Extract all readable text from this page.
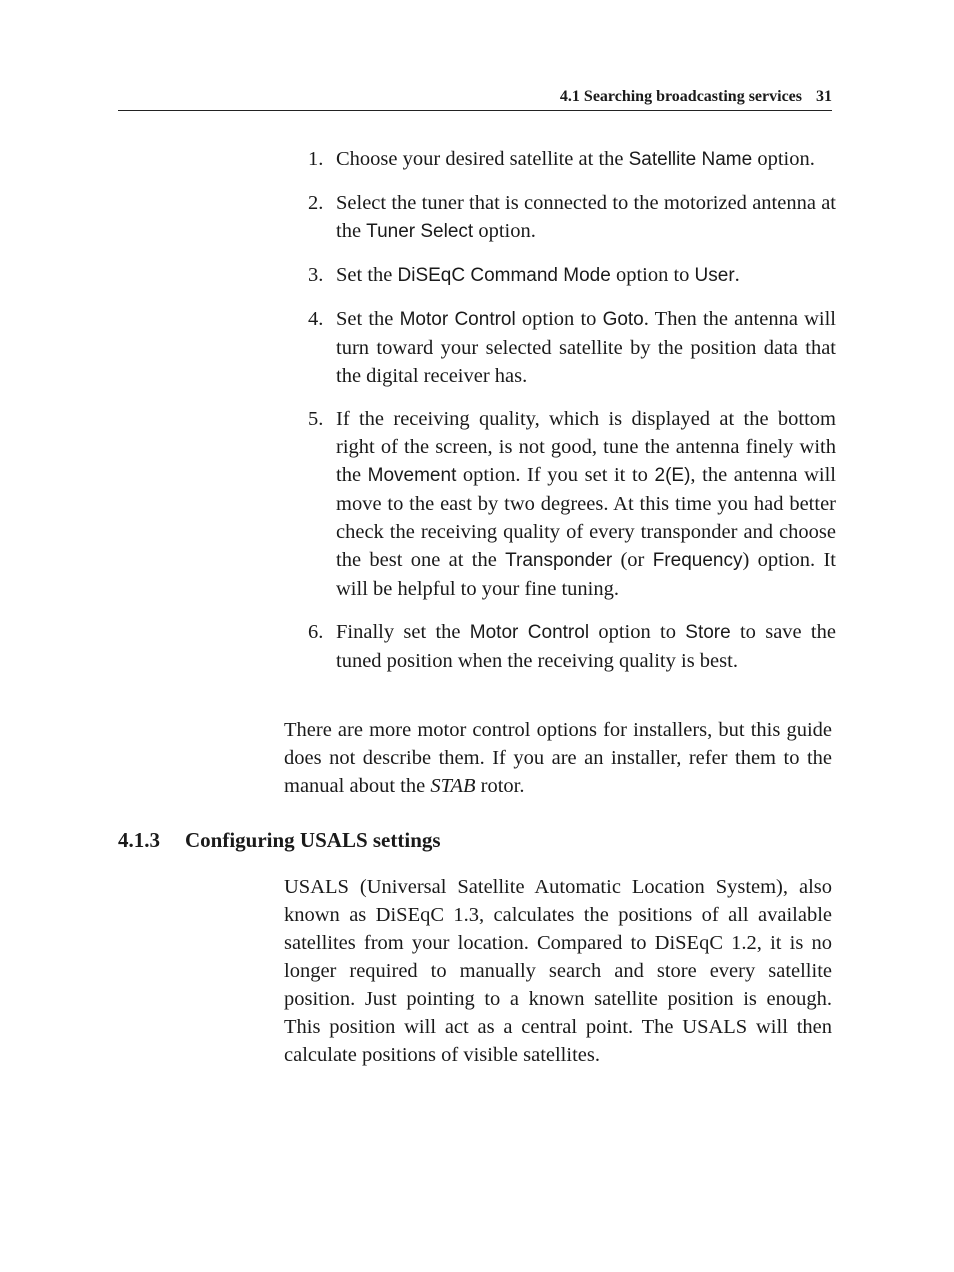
4.1 Searching broadcasting services 31
1. Choose your desired satellite at the Satellite Name option.
2. Select the tuner that is connected to the motorized antenna at the Tuner Select option.
3. Set the DiSEqC Command Mode option to User.
4. Set the Motor Control option to Goto. Then the antenna will turn toward your selected satellite by the position data that the digital receiver has.
5. If the receiving quality, which is displayed at the bottom right of the screen, is not good, tune the antenna finely with the Movement option. If you set it to 2(E), the antenna will move to the east by two degrees. At this time you had better check the receiving quality of every transponder and choose the best one at the Transponder (or Frequency) option. It will be helpful to your fine tuning.
6. Finally set the Motor Control option to Store to save the tuned position when the receiving quality is best.
There are more motor control options for installers, but this guide does not describe them. If you are an installer, refer them to the manual about the STAB rotor.
4.1.3 Configuring USALS settings
USALS (Universal Satellite Automatic Location System), also known as DiSEqC 1.3, calculates the positions of all available satellites from your location. Compared to DiSEqC 1.2, it is no longer required to manually search and store every satellite position. Just pointing to a known satellite position is enough. This position will act as a central point. The USALS will then calculate positions of visible satellites.
